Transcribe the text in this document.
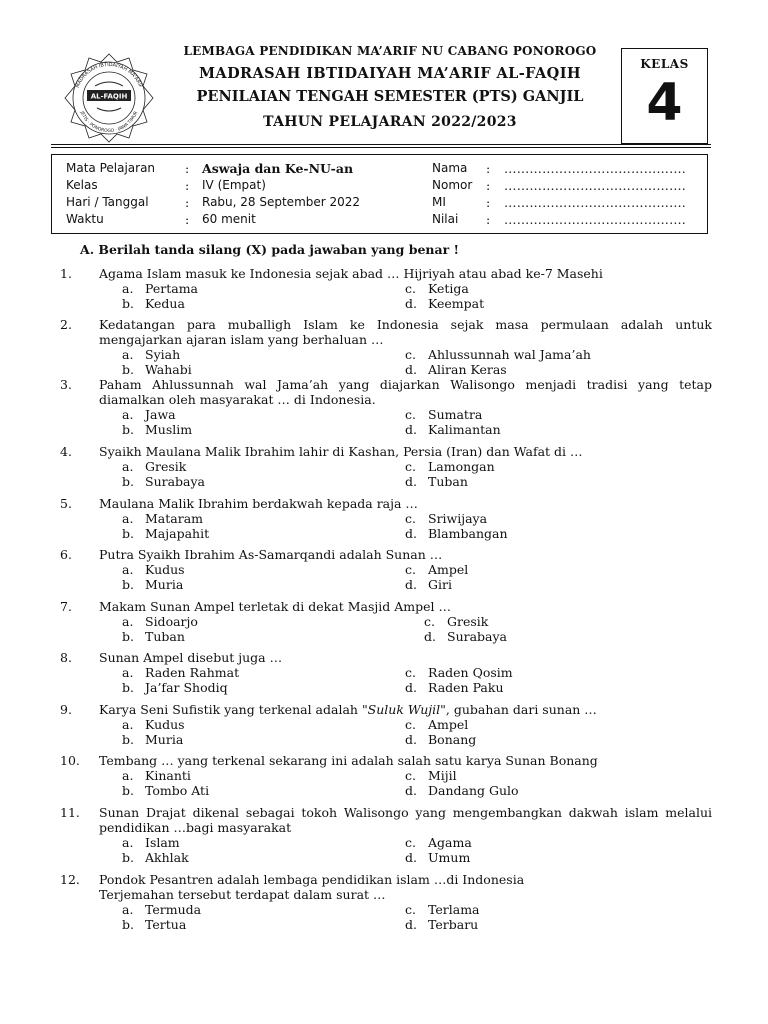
MADRASAH IBTIDAIYAH MA'ARIF
JETIS · PONOROGO · JAWA TIMUR
AL-FAQIH
LEMBAGA PENDIDIKAN MA’ARIF NU CABANG PONOROGO
MADRASAH IBTIDAIYAH MA’ARIF AL-FAQIH
PENILAIAN TENGAH SEMESTER (PTS) GANJIL
TAHUN PELAJARAN 2022/2023
KELAS
4
Mata Pelajaran : Aswaja dan Ke-NU-an	Nama : …………………………………….
Kelas	: IV (Empat)	Nomor : …………………………………….
Hari / Tanggal	: Rabu, 28 September 2022	MI	: …………………………………….
Waktu	: 60 menit	Nilai : …………………………………….
A. Berilah tanda silang (X) pada jawaban yang benar !
1. Agama Islam masuk ke Indonesia sejak abad … Hijriyah atau abad ke-7 Masehi
a. Pertama
b. Kedua
c. Ketiga
d. Keempat
2. Kedatangan para muballigh Islam ke Indonesia sejak masa permulaan adalah untuk mengajarkan ajaran islam yang berhaluan …
a. Syiah
b. Wahabi
c. Ahlussunnah wal Jama’ah
d. Aliran Keras
3. Paham Ahlussunnah wal Jama’ah yang diajarkan Walisongo menjadi tradisi yang tetap diamalkan oleh masyarakat … di Indonesia.
a. Jawa
b. Muslim
c. Sumatra
d. Kalimantan
4. Syaikh Maulana Malik Ibrahim lahir di Kashan, Persia (Iran) dan Wafat di …
a. Gresik
b. Surabaya
c. Lamongan
d. Tuban
5. Maulana Malik Ibrahim berdakwah kepada raja …
a. Mataram
b. Majapahit
c. Sriwijaya
d. Blambangan
6. Putra Syaikh Ibrahim As-Samarqandi adalah Sunan …
a. Kudus
b. Muria
c. Ampel
d. Giri
7. Makam Sunan Ampel terletak di dekat Masjid Ampel …
a. Sidoarjo
b. Tuban
c. Gresik
d. Surabaya
8. Sunan Ampel disebut juga …
a. Raden Rahmat
b. Ja’far Shodiq
c. Raden Qosim
d. Raden Paku
9. Karya Seni Sufistik yang terkenal adalah "Suluk Wujil", gubahan dari sunan …
a. Kudus
b. Muria
c. Ampel
d. Bonang
10. Tembang … yang terkenal sekarang ini adalah salah satu karya Sunan Bonang
a. Kinanti
b. Tombo Ati
c. Mijil
d. Dandang Gulo
11. Sunan Drajat dikenal sebagai tokoh Walisongo yang mengembangkan dakwah islam melalui pendidikan …bagi masyarakat
a. Islam
b. Akhlak
c. Agama
d. Umum
12. Pondok Pesantren adalah lembaga pendidikan islam …di Indonesia
Terjemahan tersebut terdapat dalam surat …
a. Termuda
b. Tertua
c. Terlama
d. Terbaru
